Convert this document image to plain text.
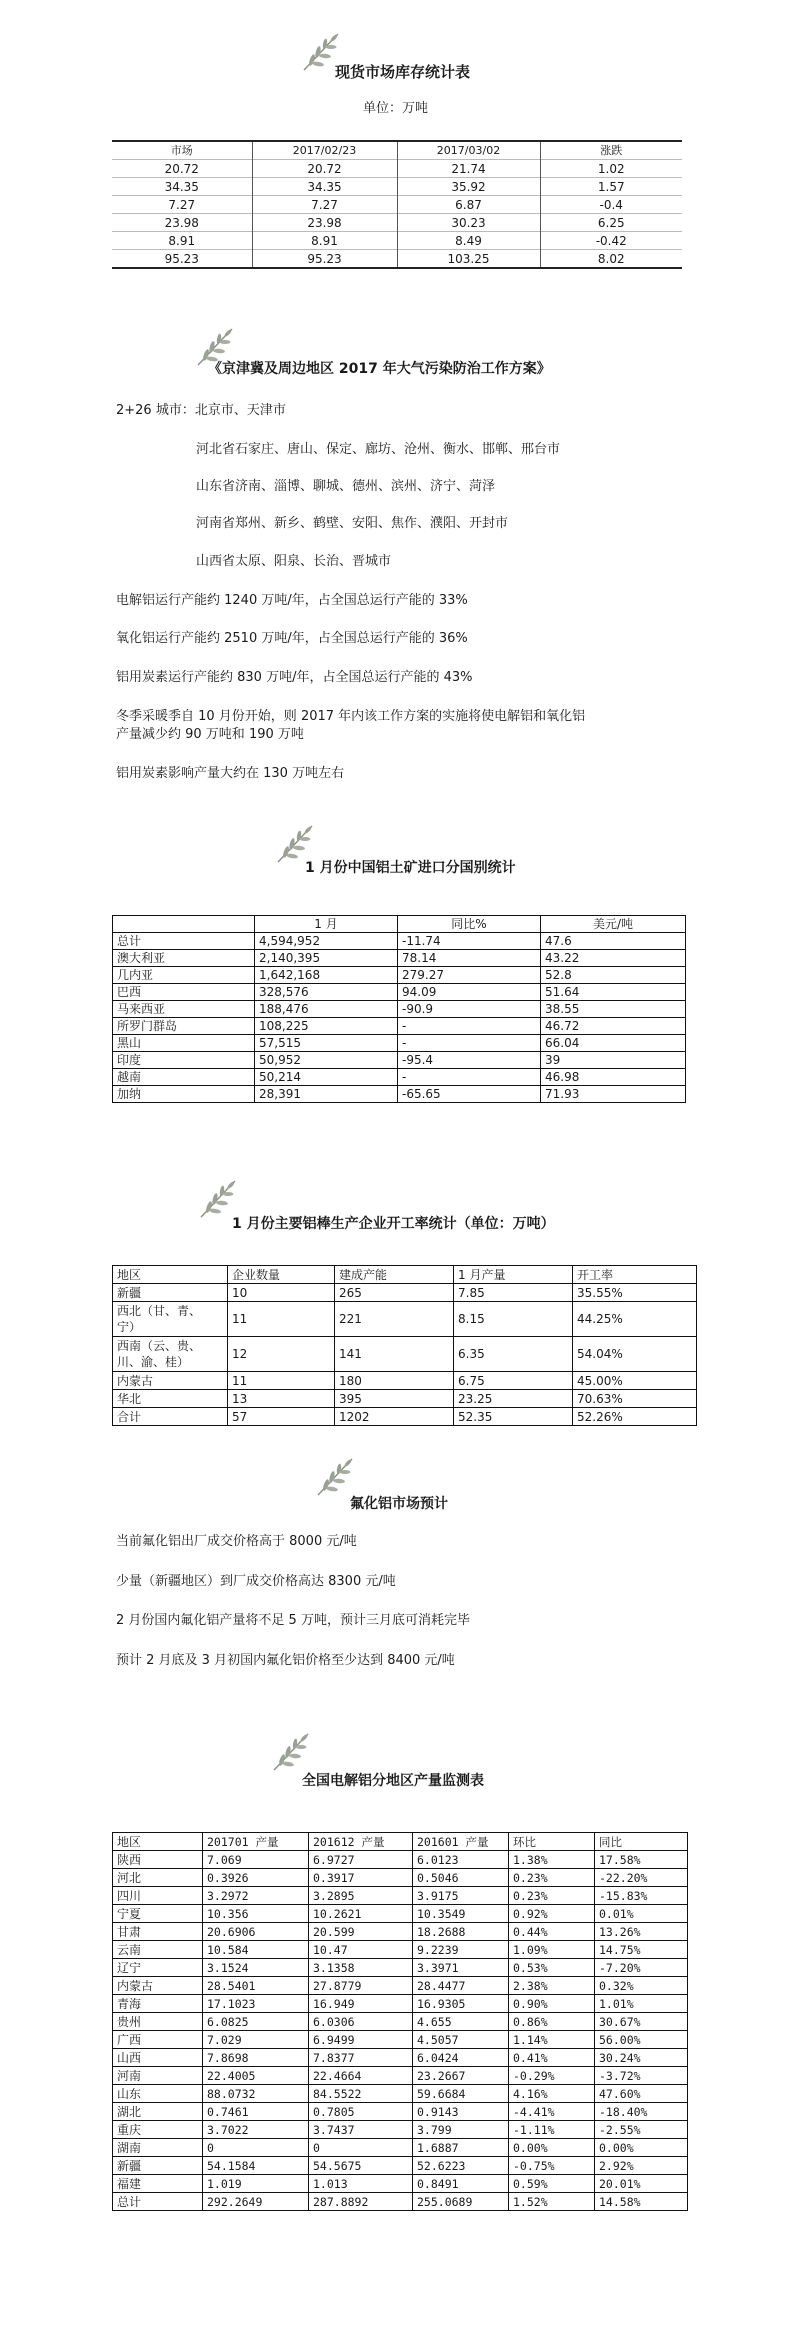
现货市场库存统计表
单位：万吨
市场	2017/02/23	2017/03/02	涨跌
20.72	20.72	21.74	1.02
34.35	34.35	35.92	1.57
7.27	7.27	6.87	-0.4
23.98	23.98	30.23	6.25
8.91	8.91	8.49	-0.42
95.23	95.23	103.25	8.02
《京津冀及周边地区 2017 年大气污染防治工作方案》
2+26 城市：北京市、天津市
河北省石家庄、唐山、保定、廊坊、沧州、衡水、邯郸、邢台市
山东省济南、淄博、聊城、德州、滨州、济宁、菏泽
河南省郑州、新乡、鹤壁、安阳、焦作、濮阳、开封市
山西省太原、阳泉、长治、晋城市
电解铝运行产能约 1240 万吨/年，占全国总运行产能的 33%
氧化铝运行产能约 2510 万吨/年，占全国总运行产能的 36%
铝用炭素运行产能约 830 万吨/年，占全国总运行产能的 43%
冬季采暖季自 10 月份开始，则 2017 年内该工作方案的实施将使电解铝和氧化铝
产量减少约 90 万吨和 190 万吨
铝用炭素影响产量大约在 130 万吨左右
1 月份中国铝土矿进口分国别统计
	1 月	同比%	美元/吨
总计	4,594,952	-11.74	47.6
澳大利亚	2,140,395	78.14	43.22
几内亚	1,642,168	279.27	52.8
巴西	328,576	94.09	51.64
马来西亚	188,476	-90.9	38.55
所罗门群岛	108,225	-	46.72
黑山	57,515	-	66.04
印度	50,952	-95.4	39
越南	50,214	-	46.98
加纳	28,391	-65.65	71.93
1 月份主要铝棒生产企业开工率统计（单位：万吨）
地区	企业数量	建成产能	1 月产量	开工率
新疆	10	265	7.85	35.55%

西北（甘、青、
宁）	11	221	8.15	44.25%

西南（云、贵、
川、渝、桂）	12	141	6.35	54.04%
内蒙古	11	180	6.75	45.00%
华北	13	395	23.25	70.63%
合计	57	1202	52.35	52.26%
氟化铝市场预计
当前氟化铝出厂成交价格高于 8000 元/吨
少量（新疆地区）到厂成交价格高达 8300 元/吨
2 月份国内氟化铝产量将不足 5 万吨，预计三月底可消耗完毕
预计 2 月底及 3 月初国内氟化铝价格至少达到 8400 元/吨
全国电解铝分地区产量监测表
地区	201701 产量	201612 产量	201601 产量	环比	同比
陕西	7.069	6.9727	6.0123	1.38%	17.58%
河北	0.3926	0.3917	0.5046	0.23%	-22.20%
四川	3.2972	3.2895	3.9175	0.23%	-15.83%
宁夏	10.356	10.2621	10.3549	0.92%	0.01%
甘肃	20.6906	20.599	18.2688	0.44%	13.26%
云南	10.584	10.47	9.2239	1.09%	14.75%
辽宁	3.1524	3.1358	3.3971	0.53%	-7.20%
内蒙古	28.5401	27.8779	28.4477	2.38%	0.32%
青海	17.1023	16.949	16.9305	0.90%	1.01%
贵州	6.0825	6.0306	4.655	0.86%	30.67%
广西	7.029	6.9499	4.5057	1.14%	56.00%
山西	7.8698	7.8377	6.0424	0.41%	30.24%
河南	22.4005	22.4664	23.2667	-0.29%	-3.72%
山东	88.0732	84.5522	59.6684	4.16%	47.60%
湖北	0.7461	0.7805	0.9143	-4.41%	-18.40%
重庆	3.7022	3.7437	3.799	-1.11%	-2.55%
湖南	0	0	1.6887	0.00%	0.00%
新疆	54.1584	54.5675	52.6223	-0.75%	2.92%
福建	1.019	1.013	0.8491	0.59%	20.01%
总计	292.2649	287.8892	255.0689	1.52%	14.58%
